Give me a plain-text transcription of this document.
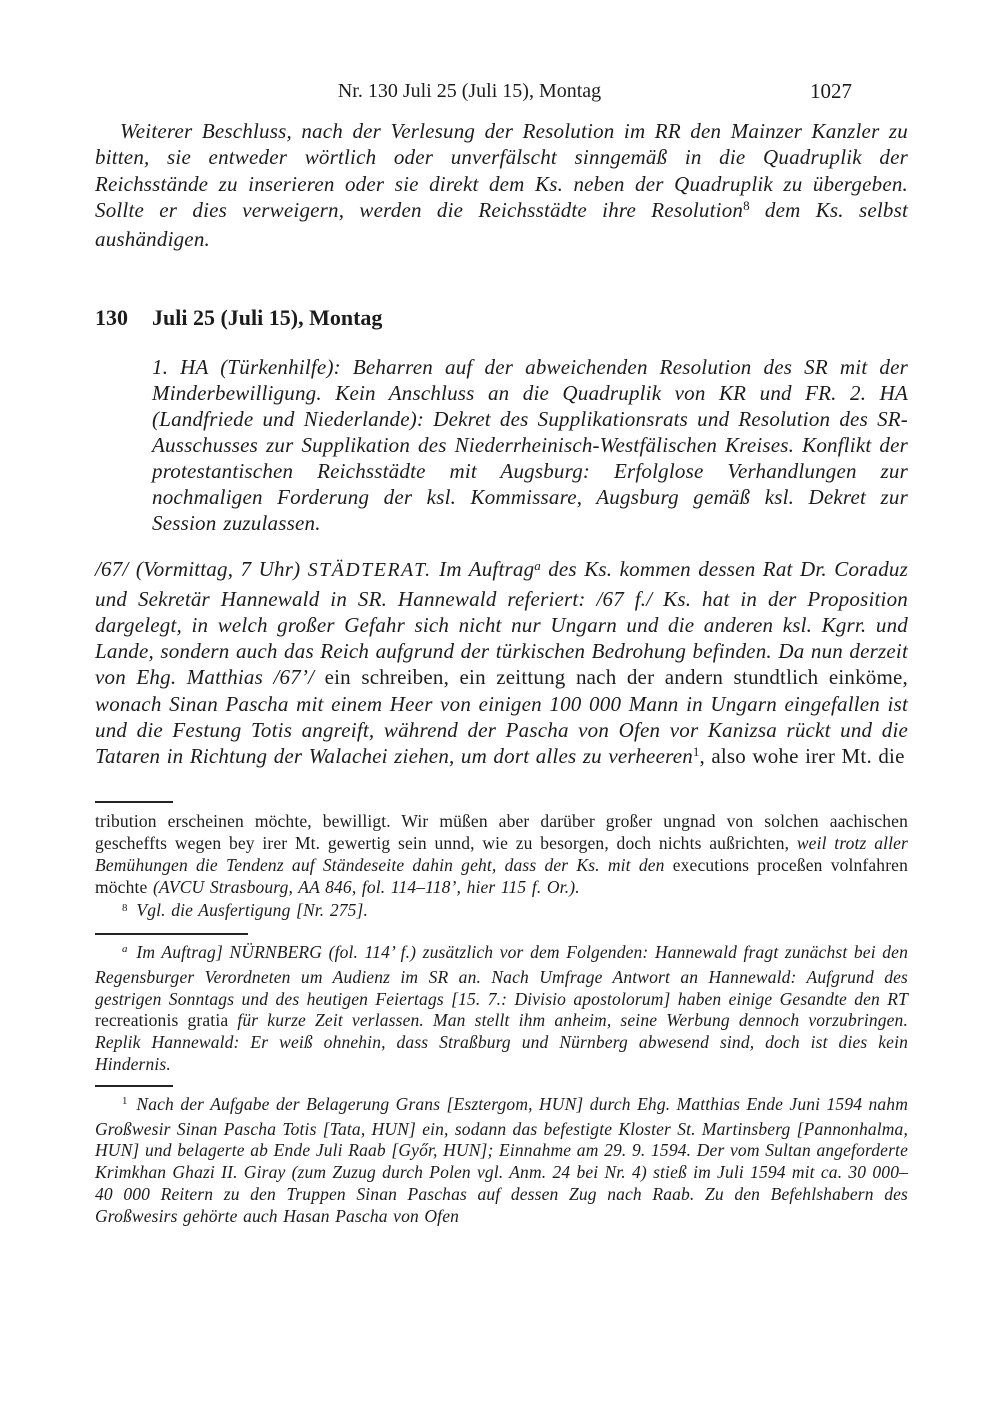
Nr. 130 Juli 25 (Juli 15), Montag	1027

Weiterer Beschluss, nach der Verlesung der Resolution im RR den Mainzer Kanzler zu bitten, sie entweder wörtlich oder unverfälscht sinngemäß in die Quadruplik der Reichsstände zu inserieren oder sie direkt dem Ks. neben der Quadruplik zu übergeben. Sollte er dies verweigern, werden die Reichsstädte ihre Resolution$^8$ dem Ks. selbst aushändigen.

130	Juli 25 (Juli 15), Montag

1. HA (Türkenhilfe): Beharren auf der abweichenden Resolution des SR mit der Minderbewilligung. Kein Anschluss an die Quadruplik von KR und FR. 2. HA (Landfriede und Niederlande): Dekret des Supplikationsrats und Resolution des SR-Ausschusses zur Supplikation des Niederrheinisch-Westfälischen Kreises. Konflikt der protestantischen Reichsstädte mit Augsburg: Erfolglose Verhandlungen zur nochmaligen Forderung der ksl. Kommissare, Augsburg gemäß ksl. Dekret zur Session zuzulassen.

/67/ (Vormittag, 7 Uhr) STÄDTERAT. Im Auftrag$^a$ des Ks. kommen dessen Rat Dr. Coraduz und Sekretär Hannewald in SR. Hannewald referiert: /67 f./ Ks. hat in der Proposition dargelegt, in welch großer Gefahr sich nicht nur Ungarn und die anderen ksl. Kgrr. und Lande, sondern auch das Reich aufgrund der türkischen Bedrohung befinden. Da nun derzeit von Ehg. Matthias /67’/ ein schreiben, ein zeittung nach der andern stundtlich einköme, wonach Sinan Pascha mit einem Heer von einigen 100 000 Mann in Ungarn eingefallen ist und die Festung Totis angreift, während der Pascha von Ofen vor Kanizsa rückt und die Tataren in Richtung der Walachei ziehen, um dort alles zu verheeren$^1$, also wohe irer Mt. die

tribution erscheinen möchte, bewilligt. Wir müßen aber darüber großer ungnad von solchen aachischen gescheffts wegen bey irer Mt. gewertig sein unnd, wie zu besorgen, doch nichts außrichten, weil trotz aller Bemühungen die Tendenz auf Ständeseite dahin geht, dass der Ks. mit den executions proceßen volnfahren möchte (AVCU Strasbourg, AA 846, fol. 114–118’, hier 115 f. Or.).

$^8$ Vgl. die Ausfertigung [Nr. 275].

$^a$ Im Auftrag] NÜRNBERG (fol. 114’ f.) zusätzlich vor dem Folgenden: Hannewald fragt zunächst bei den Regensburger Verordneten um Audienz im SR an. Nach Umfrage Antwort an Hannewald: Aufgrund des gestrigen Sonntags und des heutigen Feiertags [15. 7.: Divisio apostolorum] haben einige Gesandte den RT recreationis gratia für kurze Zeit verlassen. Man stellt ihm anheim, seine Werbung dennoch vorzubringen. Replik Hannewald: Er weiß ohnehin, dass Straßburg und Nürnberg abwesend sind, doch ist dies kein Hindernis.

$^1$ Nach der Aufgabe der Belagerung Grans [Esztergom, HUN] durch Ehg. Matthias Ende Juni 1594 nahm Großwesir Sinan Pascha Totis [Tata, HUN] ein, sodann das befestigte Kloster St. Martinsberg [Pannonhalma, HUN] und belagerte ab Ende Juli Raab [Győr, HUN]; Einnahme am 29. 9. 1594. Der vom Sultan angeforderte Krimkhan Ghazi II. Giray (zum Zuzug durch Polen vgl. Anm. 24 bei Nr. 4) stieß im Juli 1594 mit ca. 30 000–40 000 Reitern zu den Truppen Sinan Paschas auf dessen Zug nach Raab. Zu den Befehlshabern des Großwesirs gehörte auch Hasan Pascha von Ofen
